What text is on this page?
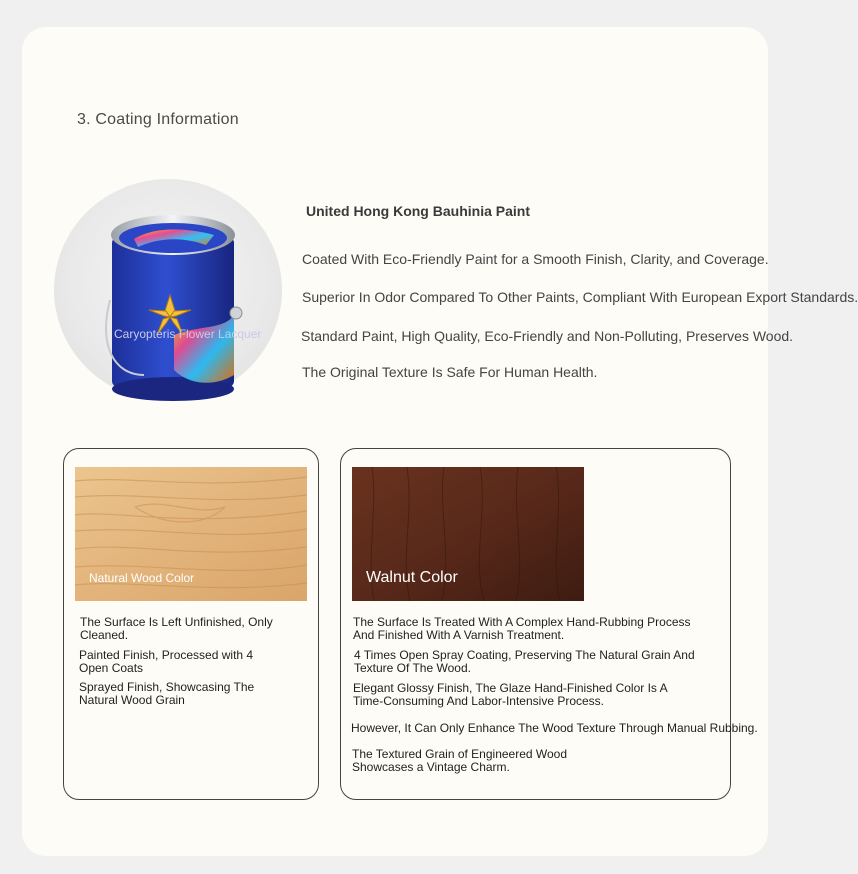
3. Coating Information
Caryopteris Flower Lacquer
United Hong Kong Bauhinia Paint
Coated With Eco-Friendly Paint for a Smooth Finish, Clarity, and Coverage.
Superior In Odor Compared To Other Paints, Compliant With European Export Standards.
Standard Paint, High Quality, Eco-Friendly and Non-Polluting, Preserves Wood.
The Original Texture Is Safe For Human Health.
Natural Wood Color
The Surface Is Left Unfinished, Only Cleaned.
Painted Finish, Processed with 4 Open Coats
Sprayed Finish, Showcasing The Natural Wood Grain
Walnut Color
The Surface Is Treated With A Complex Hand-Rubbing Process And Finished With A Varnish Treatment.
4 Times Open Spray Coating, Preserving The Natural Grain And Texture Of The Wood.
Elegant Glossy Finish, The Glaze Hand-Finished Color Is A Time-Consuming And Labor-Intensive Process.
However, It Can Only Enhance The Wood Texture Through Manual Rubbing.
The Textured Grain of Engineered Wood Showcases a Vintage Charm.
